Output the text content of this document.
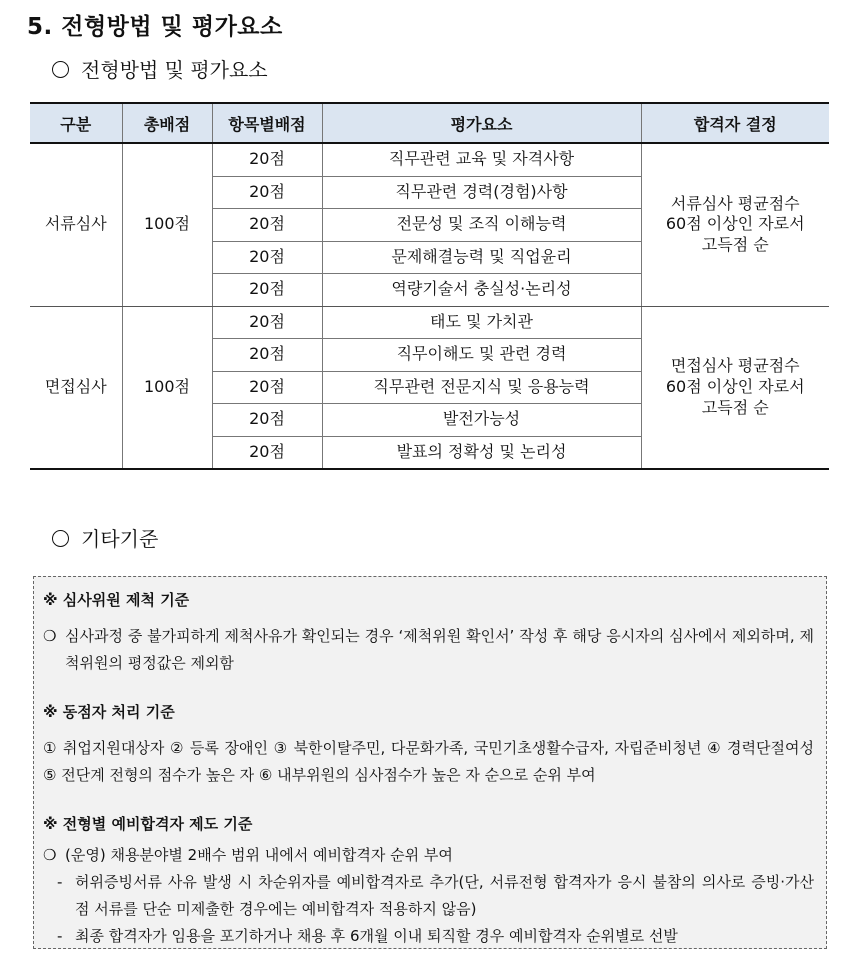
5. 전형방법 및 평가요소
전형방법 및 평가요소
구분	총배점	항목별배점	평가요소	합격자 결정
서류심사	100점	20점	직무관련 교육 및 자격사항	서류심사 평균점수
60점 이상인 자로서
고득점 순

		20점	직무관련 경력(경험)사항	
		20점	전문성 및 조직 이해능력	
		20점	문제해결능력 및 직업윤리	
		20점	역량기술서 충실성·논리성	
면접심사	100점	20점	태도 및 가치관	면접심사 평균점수
60점 이상인 자로서
고득점 순

		20점	직무이해도 및 관련 경력	
		20점	직무관련 전문지식 및 응용능력	
		20점	발전가능성	
		20점	발표의 정확성 및 논리성	
기타기준

※ 심사위원 제척 기준

❍ 심사과정 중 불가피하게 제척사유가 확인되는 경우 ‘제척위원 확인서’ 작성 후 해당 응시자의 심사에서 제외하며, 제척위원의 평정값은 제외함

※ 동점자 처리 기준

① 취업지원대상자 ② 등록 장애인 ③ 북한이탈주민, 다문화가족, 국민기초생활수급자, 자립준비청년 ④ 경력단절여성 ⑤ 전단계 전형의 점수가 높은 자 ⑥ 내부위원의 심사점수가 높은 자 순으로 순위 부여

※ 전형별 예비합격자 제도 기준

❍ (운영) 채용분야별 2배수 범위 내에서 예비합격자 순위 부여

- 허위증빙서류 사유 발생 시 차순위자를 예비합격자로 추가(단, 서류전형 합격자가 응시 불참의 의사로 증빙·가산점 서류를 단순 미제출한 경우에는 예비합격자 적용하지 않음)

- 최종 합격자가 임용을 포기하거나 채용 후 6개월 이내 퇴직할 경우 예비합격자 순위별로 선발
